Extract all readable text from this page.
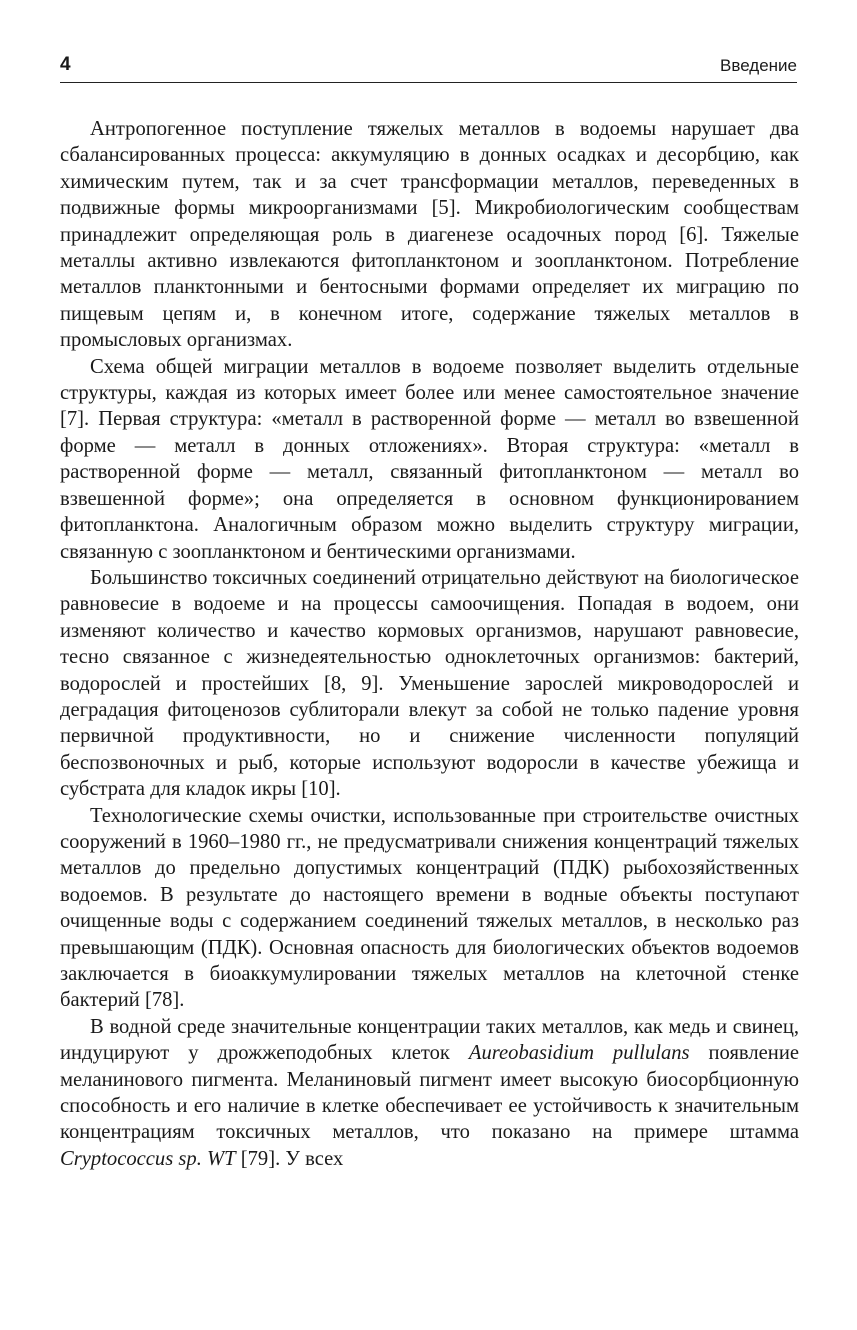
4	Введение

Антропогенное поступление тяжелых металлов в водоемы нарушает два сбалансированных процесса: аккумуляцию в донных осадках и десорбцию, как химическим путем, так и за счет трансформации металлов, переведенных в подвижные формы микроорганизмами [5]. Микробиологическим сообществам принадлежит определяющая роль в диагенезе осадочных пород [6]. Тяжелые металлы активно извлекаются фитопланктоном и зоопланктоном. Потребление металлов планктонными и бентосными формами определяет их миграцию по пищевым цепям и, в конечном итоге, содержание тяжелых металлов в промысловых организмах.

Схема общей миграции металлов в водоеме позволяет выделить отдельные структуры, каждая из которых имеет более или менее самостоятельное значение [7]. Первая структура: «металл в растворенной форме — металл во взвешенной форме — металл в донных отложениях». Вторая структура: «металл в растворенной форме — металл, связанный фитопланктоном — металл во взвешенной форме»; она определяется в основном функционированием фитопланктона. Аналогичным образом можно выделить структуру миграции, связанную с зоопланктоном и бентическими организмами.

Большинство токсичных соединений отрицательно действуют на биологическое равновесие в водоеме и на процессы самоочищения. Попадая в водоем, они изменяют количество и качество кормовых организмов, нарушают равновесие, тесно связанное с жизнедеятельностью одноклеточных организмов: бактерий, водорослей и простейших [8, 9]. Уменьшение зарослей микроводорослей и деградация фитоценозов сублиторали влекут за собой не только падение уровня первичной продуктивности, но и снижение численности популяций беспозвоночных и рыб, которые используют водоросли в качестве убежища и субстрата для кладок икры [10].

Технологические схемы очистки, использованные при строительстве очистных сооружений в 1960–1980 гг., не предусматривали снижения концентраций тяжелых металлов до предельно допустимых концентраций (ПДК) рыбохозяйственных водоемов. В результате до настоящего времени в водные объекты поступают очищенные воды с содержанием соединений тяжелых металлов, в несколько раз превышающим (ПДК). Основная опасность для биологических объектов водоемов заключается в биоаккумулировании тяжелых металлов на клеточной стенке бактерий [78].

В водной среде значительные концентрации таких металлов, как медь и свинец, индуцируют у дрожжеподобных клеток Aureobasidium pullulans появление меланинового пигмента. Меланиновый пигмент имеет высокую биосорбционную способность и его наличие в клетке обеспечивает ее устойчивость к значительным концентрациям токсичных металлов, что показано на примере штамма Cryptococcus sp. WT [79]. У всех
